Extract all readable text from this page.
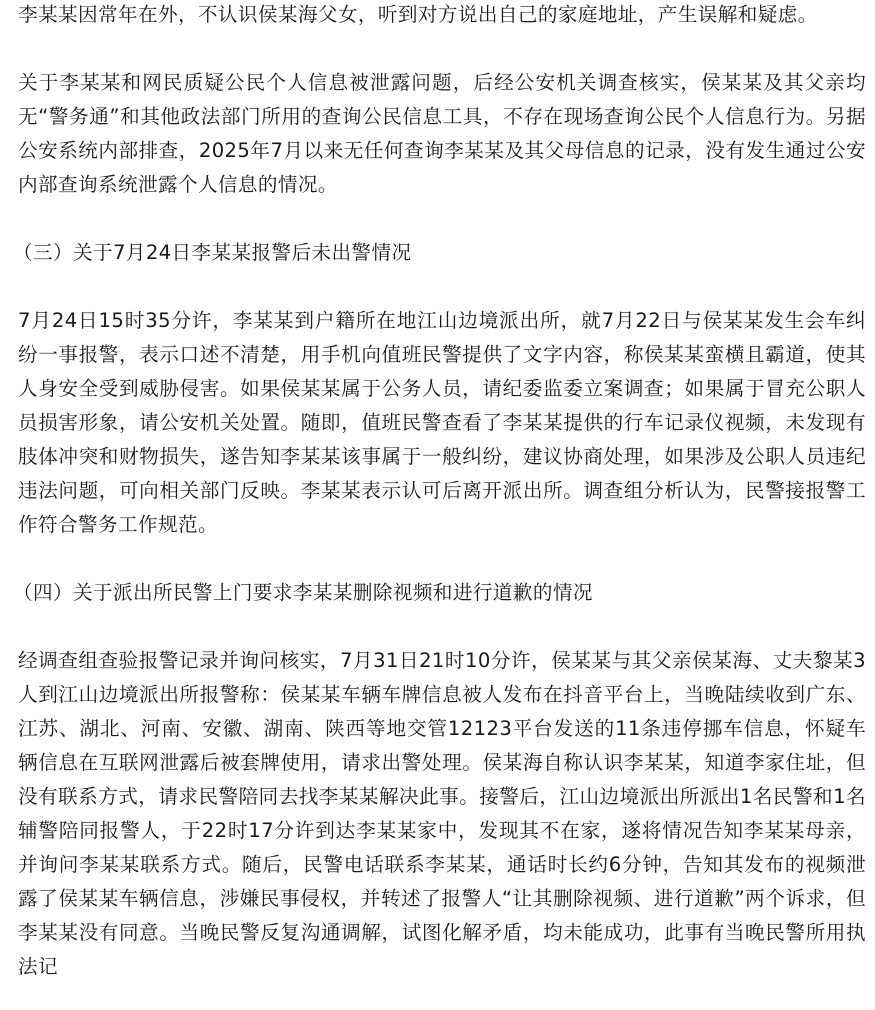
李某某因常年在外，不认识侯某海父女，听到对方说出自己的家庭地址，产生误解和疑虑。

关于李某某和网民质疑公民个人信息被泄露问题，后经公安机关调查核实，侯某某及其父亲均无“警务通”和其他政法部门所用的查询公民信息工具，不存在现场查询公民个人信息行为。另据公安系统内部排查，2025年7月以来无任何查询李某某及其父母信息的记录，没有发生通过公安内部查询系统泄露个人信息的情况。

（三）关于7月24日李某某报警后未出警情况

7月24日15时35分许，李某某到户籍所在地江山边境派出所，就7月22日与侯某某发生会车纠纷一事报警，表示口述不清楚，用手机向值班民警提供了文字内容，称侯某某蛮横且霸道，使其人身安全受到威胁侵害。如果侯某某属于公务人员，请纪委监委立案调查；如果属于冒充公职人员损害形象，请公安机关处置。随即，值班民警查看了李某某提供的行车记录仪视频，未发现有肢体冲突和财物损失，遂告知李某某该事属于一般纠纷，建议协商处理，如果涉及公职人员违纪违法问题，可向相关部门反映。李某某表示认可后离开派出所。调查组分析认为，民警接报警工作符合警务工作规范。

（四）关于派出所民警上门要求李某某删除视频和进行道歉的情况

经调查组查验报警记录并询问核实，7月31日21时10分许，侯某某与其父亲侯某海、丈夫黎某3人到江山边境派出所报警称：侯某某车辆车牌信息被人发布在抖音平台上，当晚陆续收到广东、江苏、湖北、河南、安徽、湖南、陕西等地交管12123平台发送的11条违停挪车信息，怀疑车辆信息在互联网泄露后被套牌使用，请求出警处理。侯某海自称认识李某某，知道李家住址，但没有联系方式，请求民警陪同去找李某某解决此事。接警后，江山边境派出所派出1名民警和1名辅警陪同报警人，于22时17分许到达李某某家中，发现其不在家，遂将情况告知李某某母亲，并询问李某某联系方式。随后，民警电话联系李某某，通话时长约6分钟，告知其发布的视频泄露了侯某某车辆信息，涉嫌民事侵权，并转述了报警人“让其删除视频、进行道歉”两个诉求，但李某某没有同意。当晚民警反复沟通调解，试图化解矛盾，均未能成功，此事有当晚民警所用执法记
